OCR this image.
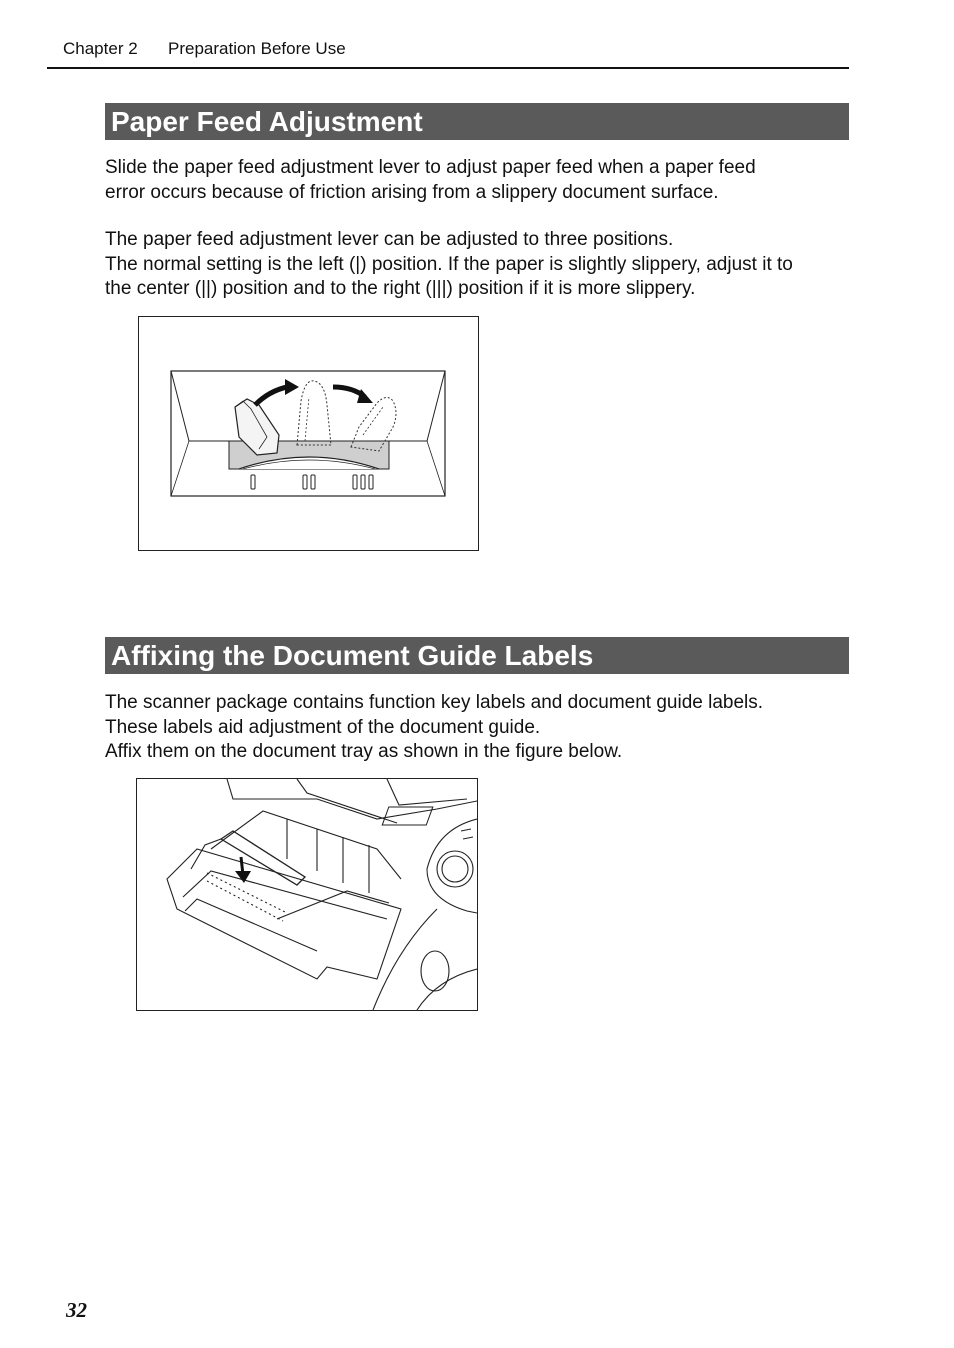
Chapter 2 Preparation Before Use
Paper Feed Adjustment

Slide the paper feed adjustment lever to adjust paper feed when a paper feed
error occurs because of friction arising from a slippery document surface.

The paper feed adjustment lever can be adjusted to three positions.
The normal setting is the left (|) position. If the paper is slightly slippery, adjust it to
the center (||) position and to the right (|||) position if it is more slippery.

Affixing the Document Guide Labels

The scanner package contains function key labels and document guide labels.
These labels aid adjustment of the document guide.
Affix them on the document tray as shown in the figure below.

32
